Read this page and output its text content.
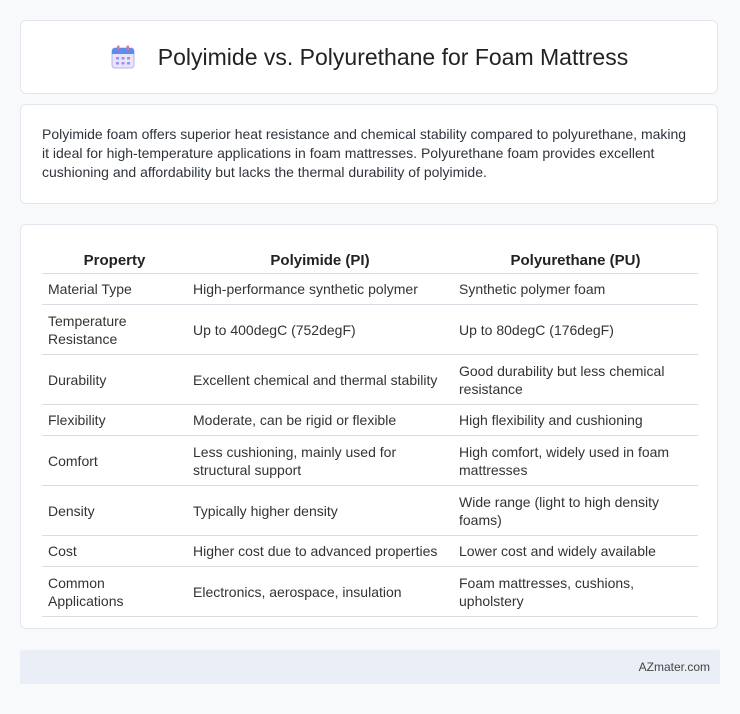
Polyimide vs. Polyurethane for Foam Mattress

Polyimide foam offers superior heat resistance and chemical stability compared to polyurethane, making it ideal for high-temperature applications in foam mattresses. Polyurethane foam provides excellent cushioning and affordability but lacks the thermal durability of polyimide.

Property	Polyimide (PI)	Polyurethane (PU)
Material Type	High-performance synthetic polymer	Synthetic polymer foam
Temperature Resistance	Up to 400degC (752degF)	Up to 80degC (176degF)
Durability	Excellent chemical and thermal stability	Good durability but less chemical resistance
Flexibility	Moderate, can be rigid or flexible	High flexibility and cushioning
Comfort	Less cushioning, mainly used for structural support	High comfort, widely used in foam mattresses
Density	Typically higher density	Wide range (light to high density foams)
Cost	Higher cost due to advanced properties	Lower cost and widely available
Common Applications	Electronics, aerospace, insulation	Foam mattresses, cushions, upholstery
AZmater.com
